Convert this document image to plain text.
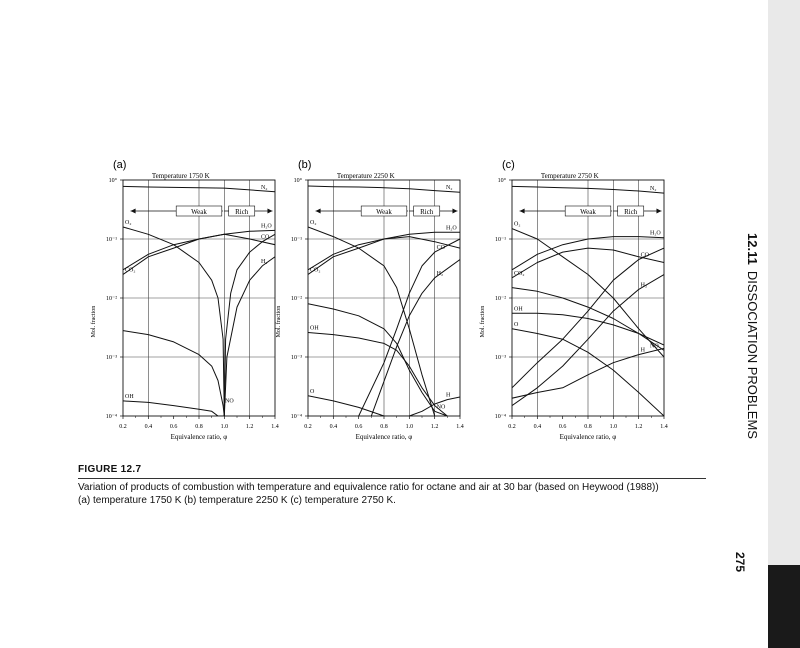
0.2	0.4	0.6	0.8	1.0	1.2	1.4
10°
10⁻¹
10⁻²
10⁻³
10⁻⁴
Mol. fraction
Equivalence ratio, φ
(a)
Temperature 1750 K
Weak	Rich
N₂
H₂O
O₂
CO₂
CO
H₂
NO
OH
0.2	0.4	0.6	0.8	1.0	1.2	1.4
10°
10⁻¹
10⁻²
10⁻³
10⁻⁴
Mol. fraction
Equivalence ratio, φ
(b)
Temperature 2250 K
Weak	Rich
N₂
H₂O
O₂
CO₂
CO
H₂
NO
OH
O
H
0.2	0.4	0.6	0.8	1.0	1.2	1.4
10°
10⁻¹
10⁻²
10⁻³
10⁻⁴
Mol. fraction
Equivalence ratio, φ
(c)
Temperature 2750 K
Weak	Rich
N₂
H₂O
O₂
CO₂
NO
CO
H₂
OH
O
H
FIGURE 12.7
Variation of products of combustion with temperature and equivalence ratio for octane and air at 30 bar (based on Heywood (1988))
(a) temperature 1750 K (b) temperature 2250 K (c) temperature 2750 K.
12.11DISSOCIATION PROBLEMS
275
